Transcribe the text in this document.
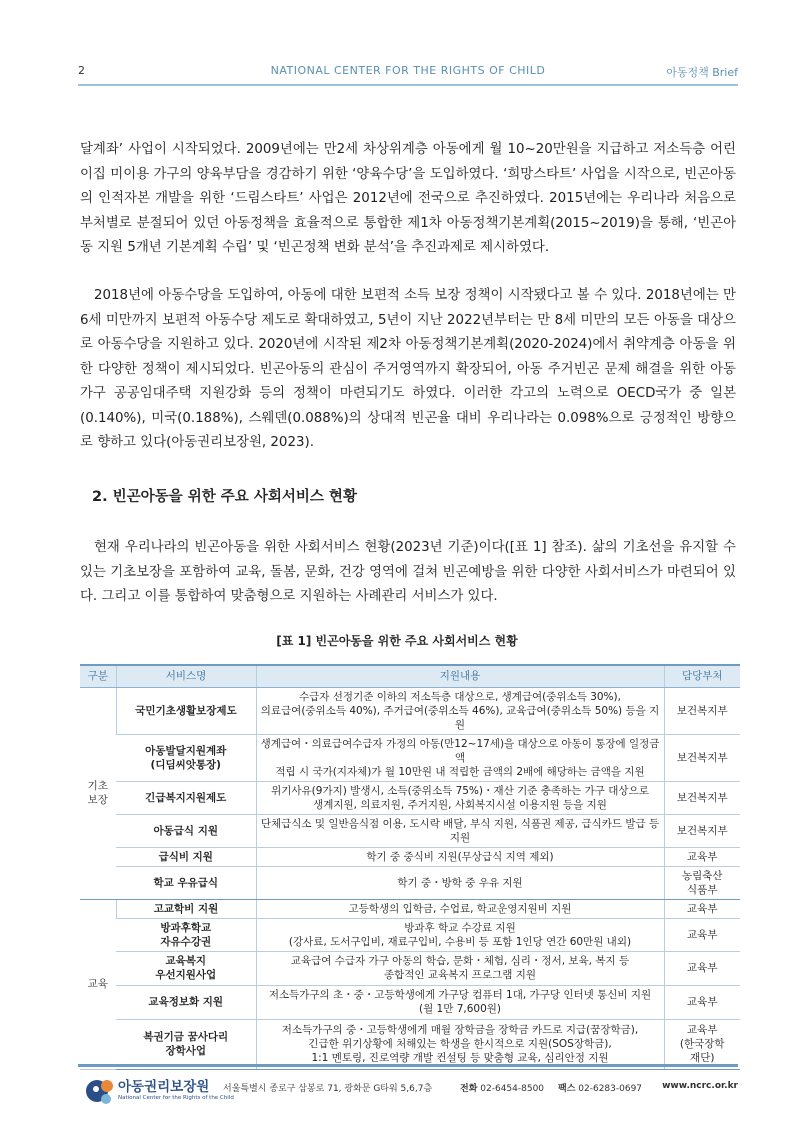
2	NATIONAL CENTER FOR THE RIGHTS OF CHILD	아동정책 Brief

달계좌’ 사업이 시작되었다. 2009년에는 만2세 차상위계층 아동에게 월 10~20만원을 지급하고 저소득층 어린이집 미이용 가구의 양육부담을 경감하기 위한 ‘양육수당’을 도입하였다. ‘희망스타트’ 사업을 시작으로, 빈곤아동의 인적자본 개발을 위한 ‘드림스타트’ 사업은 2012년에 전국으로 추진하였다. 2015년에는 우리나라 처음으로 부처별로 분절되어 있던 아동정책을 효율적으로 통합한 제1차 아동정책기본계획(2015~2019)을 통해, ‘빈곤아동 지원 5개년 기본계획 수립’ 및 ‘빈곤정책 변화 분석’을 추진과제로 제시하였다.

2018년에 아동수당을 도입하여, 아동에 대한 보편적 소득 보장 정책이 시작됐다고 볼 수 있다. 2018년에는 만 6세 미만까지 보편적 아동수당 제도로 확대하였고, 5년이 지난 2022년부터는 만 8세 미만의 모든 아동을 대상으로 아동수당을 지원하고 있다. 2020년에 시작된 제2차 아동정책기본계획(2020-2024)에서 취약계층 아동을 위한 다양한 정책이 제시되었다. 빈곤아동의 관심이 주거영역까지 확장되어, 아동 주거빈곤 문제 해결을 위한 아동가구 공공임대주택 지원강화 등의 정책이 마련되기도 하였다. 이러한 각고의 노력으로 OECD국가 중 일본(0.140%), 미국(0.188%), 스웨덴(0.088%)의 상대적 빈곤율 대비 우리나라는 0.098%으로 긍정적인 방향으로 향하고 있다(아동권리보장원, 2023).

2. 빈곤아동을 위한 주요 사회서비스 현황

현재 우리나라의 빈곤아동을 위한 사회서비스 현황(2023년 기준)이다([표 1] 참조). 삶의 기초선을 유지할 수 있는 기초보장을 포함하여 교육, 돌봄, 문화, 건강 영역에 걸쳐 빈곤예방을 위한 다양한 사회서비스가 마련되어 있다. 그리고 이를 통합하여 맞춤형으로 지원하는 사례관리 서비스가 있다.

[표 1] 빈곤아동을 위한 주요 사회서비스 현황
구분	서비스명	지원내용	담당부처
기초
보장	국민기초생활보장제도	수급자 선정기준 이하의 저소득층 대상으로, 생계급여(중위소득 30%),
의료급여(중위소득 40%), 주거급여(중위소득 46%), 교육급여(중위소득 50%) 등을 지원	보건복지부
	아동발달지원계좌
(디딤씨앗통장)	생계급여・의료급여수급자 가정의 아동(만12~17세)을 대상으로 아동이 통장에 일정금액
적립 시 국가(지자체)가 월 10만원 내 적립한 금액의 2배에 해당하는 금액을 지원	보건복지부
	긴급복지지원제도	위기사유(9가지) 발생시, 소득(중위소득 75%)・재산 기준 충족하는 가구 대상으로
생계지원, 의료지원, 주거지원, 사회복지시설 이용지원 등을 지원	보건복지부
	아동급식 지원	단체급식소 및 일반음식점 이용, 도시락 배달, 부식 지원, 식품권 제공, 급식카드 발급 등 지원	보건복지부
	급식비 지원	학기 중 중식비 지원(무상급식 지역 제외)	교육부
	학교 우유급식	학기 중・방학 중 우유 지원	농림축산
식품부
교육	고교학비 지원	고등학생의 입학금, 수업료, 학교운영지원비 지원	교육부
	방과후학교
자유수강권	방과후 학교 수강료 지원
(강사료, 도서구입비, 재료구입비, 수용비 등 포함 1인당 연간 60만원 내외)	교육부
	교육복지
우선지원사업	교육급여 수급자 가구 아동의 학습, 문화・체험, 심리・정서, 보육, 복지 등
종합적인 교육복지 프로그램 지원	교육부
	교육정보화 지원	저소득가구의 초・중・고등학생에게 가구당 컴퓨터 1대, 가구당 인터넷 통신비 지원
(월 1만 7,600원)	교육부
	복권기금 꿈사다리
장학사업	저소득가구의 중・고등학생에게 매월 장학금을 장학금 카드로 지급(꿈장학금),
긴급한 위기상황에 처해있는 학생을 한시적으로 지원(SOS장학금),
1:1 멘토링, 진로역량 개발 컨설팅 등 맞춤형 교육, 심리안정 지원	교육부
(한국장학
재단)
아동권리보장원
National Center for the Rights of the Child
서울특별시 종로구 삼봉로 71, 광화문 G타워 5,6,7층	전화 02-6454-8500 팩스 02-6283-0697 www.ncrc.or.kr
